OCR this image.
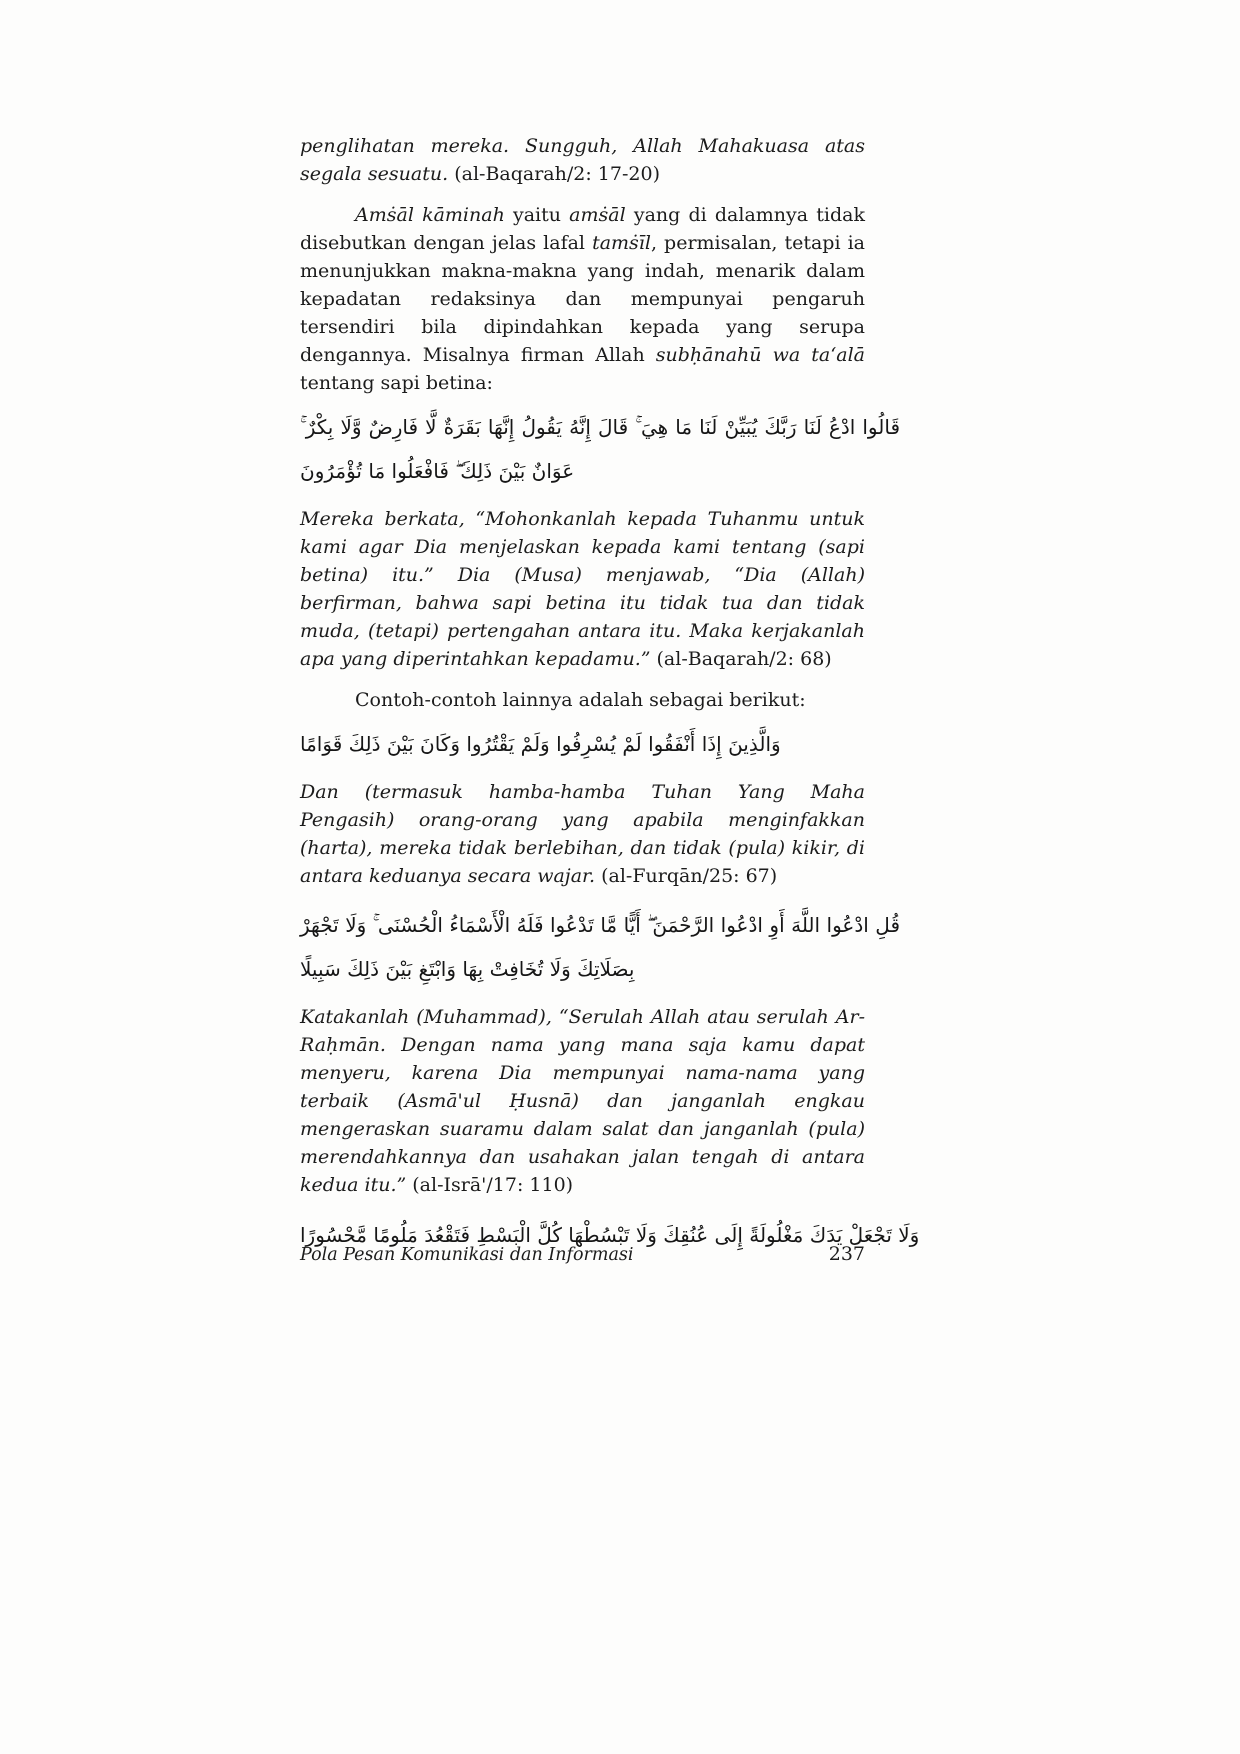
penglihatan mereka. Sungguh, Allah Mahakuasa atas segala sesuatu. (al-Baqarah/2: 17-20)

Amṡāl kāminah yaitu amṡāl yang di dalamnya tidak disebutkan dengan jelas lafal tamṡīl, permisalan, tetapi ia menunjukkan makna-makna yang indah, menarik dalam kepadatan redaksinya dan mempunyai pengaruh tersendiri bila dipindahkan kepada yang serupa dengannya. Misalnya firman Allah subḥānahū wa ta‘alā tentang sapi betina:

قَالُوا ادْعُ لَنَا رَبَّكَ يُبَيِّنْ لَنَا مَا هِيَ ۚ قَالَ إِنَّهُ يَقُولُ إِنَّهَا بَقَرَةٌ لَّا فَارِضٌ وَّلَا بِكْرٌ ۚ عَوَانٌ بَيْنَ ذَلِكَ ۖ فَافْعَلُوا مَا تُؤْمَرُونَ

Mereka berkata, “Mohonkanlah kepada Tuhanmu untuk kami agar Dia menjelaskan kepada kami tentang (sapi betina) itu.” Dia (Musa) menjawab, “Dia (Allah) berfirman, bahwa sapi betina itu tidak tua dan tidak muda, (tetapi) pertengahan antara itu. Maka kerjakanlah apa yang diperintahkan kepadamu.” (al-Baqarah/2: 68)

Contoh-contoh lainnya adalah sebagai berikut:

وَالَّذِينَ إِذَا أَنْفَقُوا لَمْ يُسْرِفُوا وَلَمْ يَقْتُرُوا وَكَانَ بَيْنَ ذَلِكَ قَوَامًا

Dan (termasuk hamba-hamba Tuhan Yang Maha Pengasih) orang-orang yang apabila menginfakkan (harta), mereka tidak berlebihan, dan tidak (pula) kikir, di antara keduanya secara wajar. (al-Furqān/25: 67)

قُلِ ادْعُوا اللَّهَ أَوِ ادْعُوا الرَّحْمَنَ ۖ أَيًّا مَّا تَدْعُوا فَلَهُ الْأَسْمَاءُ الْحُسْنَى ۚ وَلَا تَجْهَرْ بِصَلَاتِكَ وَلَا تُخَافِتْ بِهَا وَابْتَغِ بَيْنَ ذَلِكَ سَبِيلًا

Katakanlah (Muhammad), “Serulah Allah atau serulah Ar-Raḥmān. Dengan nama yang mana saja kamu dapat menyeru, karena Dia mempunyai nama-nama yang terbaik (Asmā'ul Ḥusnā) dan janganlah engkau mengeraskan suaramu dalam salat dan janganlah (pula) merendahkannya dan usahakan jalan tengah di antara kedua itu.” (al-Isrā'/17: 110)

وَلَا تَجْعَلْ يَدَكَ مَغْلُولَةً إِلَى عُنُقِكَ وَلَا تَبْسُطْهَا كُلَّ الْبَسْطِ فَتَقْعُدَ مَلُومًا مَّحْسُورًا
Pola Pesan Komunikasi dan Informasi	237
